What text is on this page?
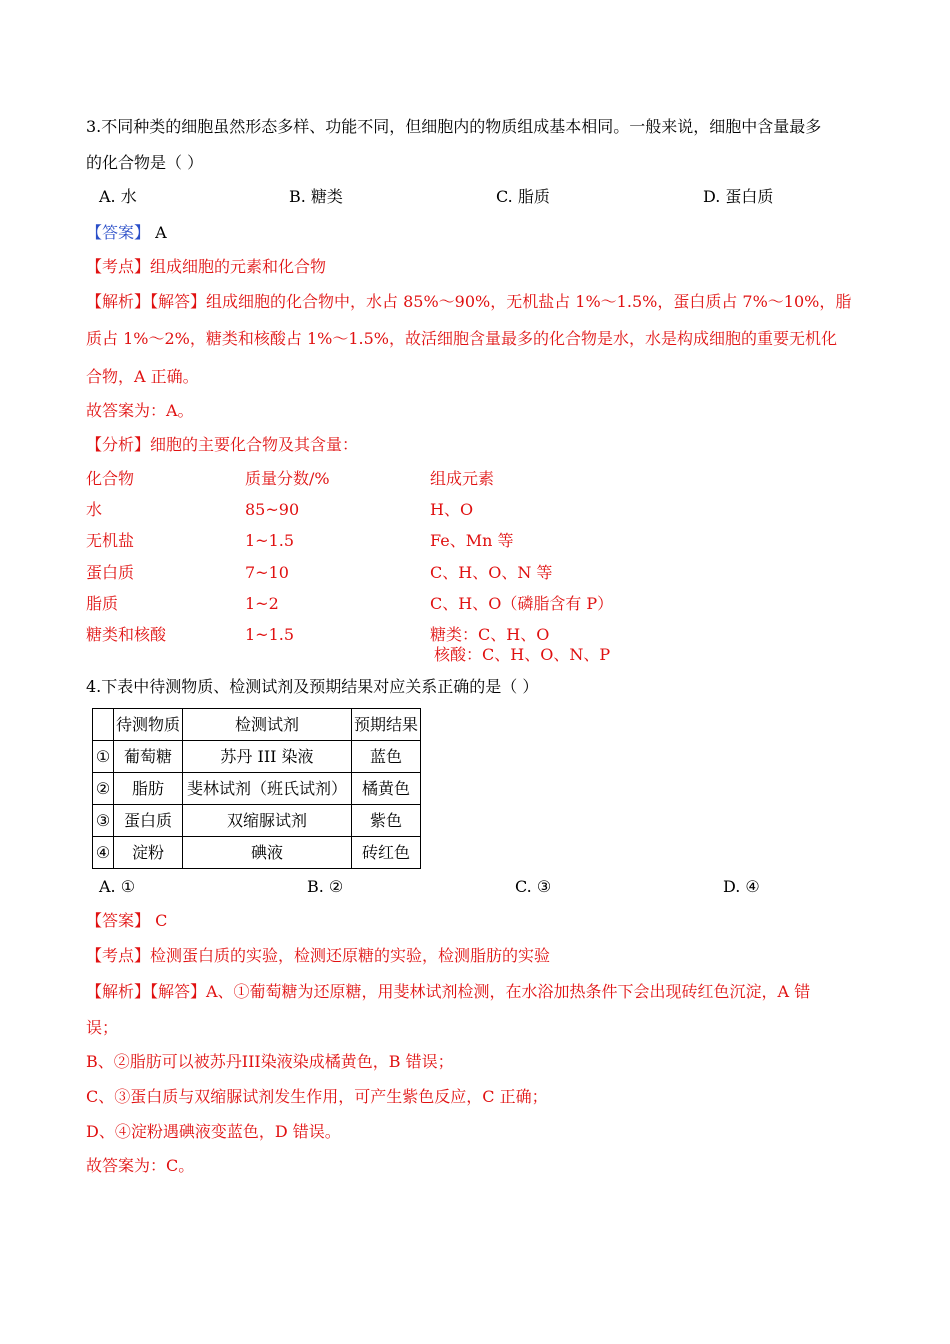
3.不同种类的细胞虽然形态多样、功能不同，但细胞内的物质组成基本相同。一般来说，细胞中含量最多
的化合物是（ ）
A. 水	B. 糖类	C. 脂质	D. 蛋白质
【答案】 A
【考点】组成细胞的元素和化合物
【解析】【解答】组成细胞的化合物中，水占 85%～90%，无机盐占 1%～1.5%，蛋白质占 7%～10%，脂
质占 1%～2%，糖类和核酸占 1%～1.5%，故活细胞含量最多的化合物是水，水是构成细胞的重要无机化
合物，A 正确。
故答案为：A。
【分析】细胞的主要化合物及其含量：
化合物	质量分数/%	组成元素
水	85~90	H、O
无机盐	1~1.5	Fe、Mn 等
蛋白质	7~10	C、H、O、N 等
脂质	1~2	C、H、O（磷脂含有 P）
糖类和核酸	1~1.5	糖类：C、H、O
核酸：C、H、O、N、P
4.下表中待测物质、检测试剂及预期结果对应关系正确的是（ ）
	待测物质	检测试剂	预期结果
①	葡萄糖	苏丹 III 染液	蓝色
②	脂肪	斐林试剂（班氏试剂）	橘黄色
③	蛋白质	双缩脲试剂	紫色
④	淀粉	碘液	砖红色
A. ①	B. ②	C. ③	D. ④
【答案】 C
【考点】检测蛋白质的实验，检测还原糖的实验，检测脂肪的实验
【解析】【解答】A、①葡萄糖为还原糖，用斐林试剂检测，在水浴加热条件下会出现砖红色沉淀，A 错
误；
B、②脂肪可以被苏丹III染液染成橘黄色，B 错误；
C、③蛋白质与双缩脲试剂发生作用，可产生紫色反应，C 正确；
D、④淀粉遇碘液变蓝色，D 错误。
故答案为：C。
